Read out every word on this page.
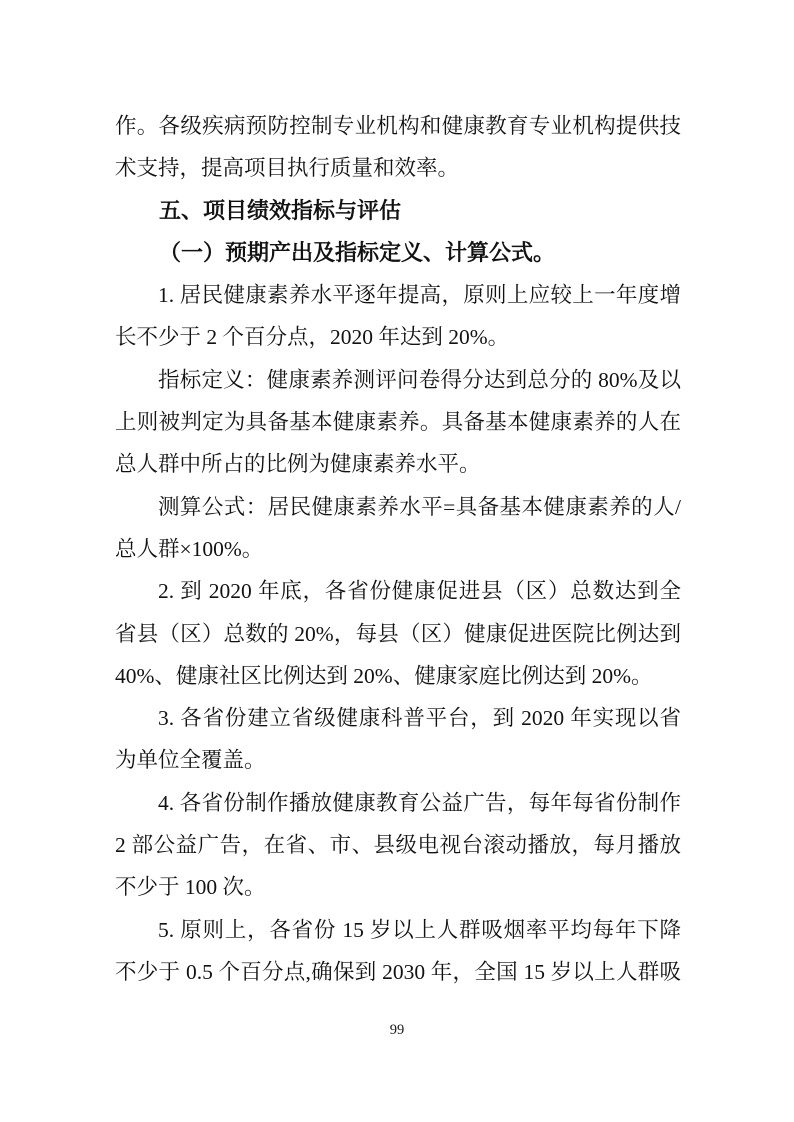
作。各级疾病预防控制专业机构和健康教育专业机构提供技
术支持，提高项目执行质量和效率。
五、项目绩效指标与评估
（一）预期产出及指标定义、计算公式。
1. 居民健康素养水平逐年提高，原则上应较上一年度增
长不少于 2 个百分点，2020 年达到 20%。
指标定义：健康素养测评问卷得分达到总分的 80%及以
上则被判定为具备基本健康素养。具备基本健康素养的人在
总人群中所占的比例为健康素养水平。
测算公式：居民健康素养水平=具备基本健康素养的人/
总人群×100%。
2. 到 2020 年底，各省份健康促进县（区）总数达到全
省县（区）总数的 20%，每县（区）健康促进医院比例达到
40%、健康社区比例达到 20%、健康家庭比例达到 20%。
3. 各省份建立省级健康科普平台，到 2020 年实现以省
为单位全覆盖。
4. 各省份制作播放健康教育公益广告，每年每省份制作
2 部公益广告，在省、市、县级电视台滚动播放，每月播放
不少于 100 次。
5. 原则上，各省份 15 岁以上人群吸烟率平均每年下降
不少于 0.5 个百分点,确保到 2030 年，全国 15 岁以上人群吸
99
